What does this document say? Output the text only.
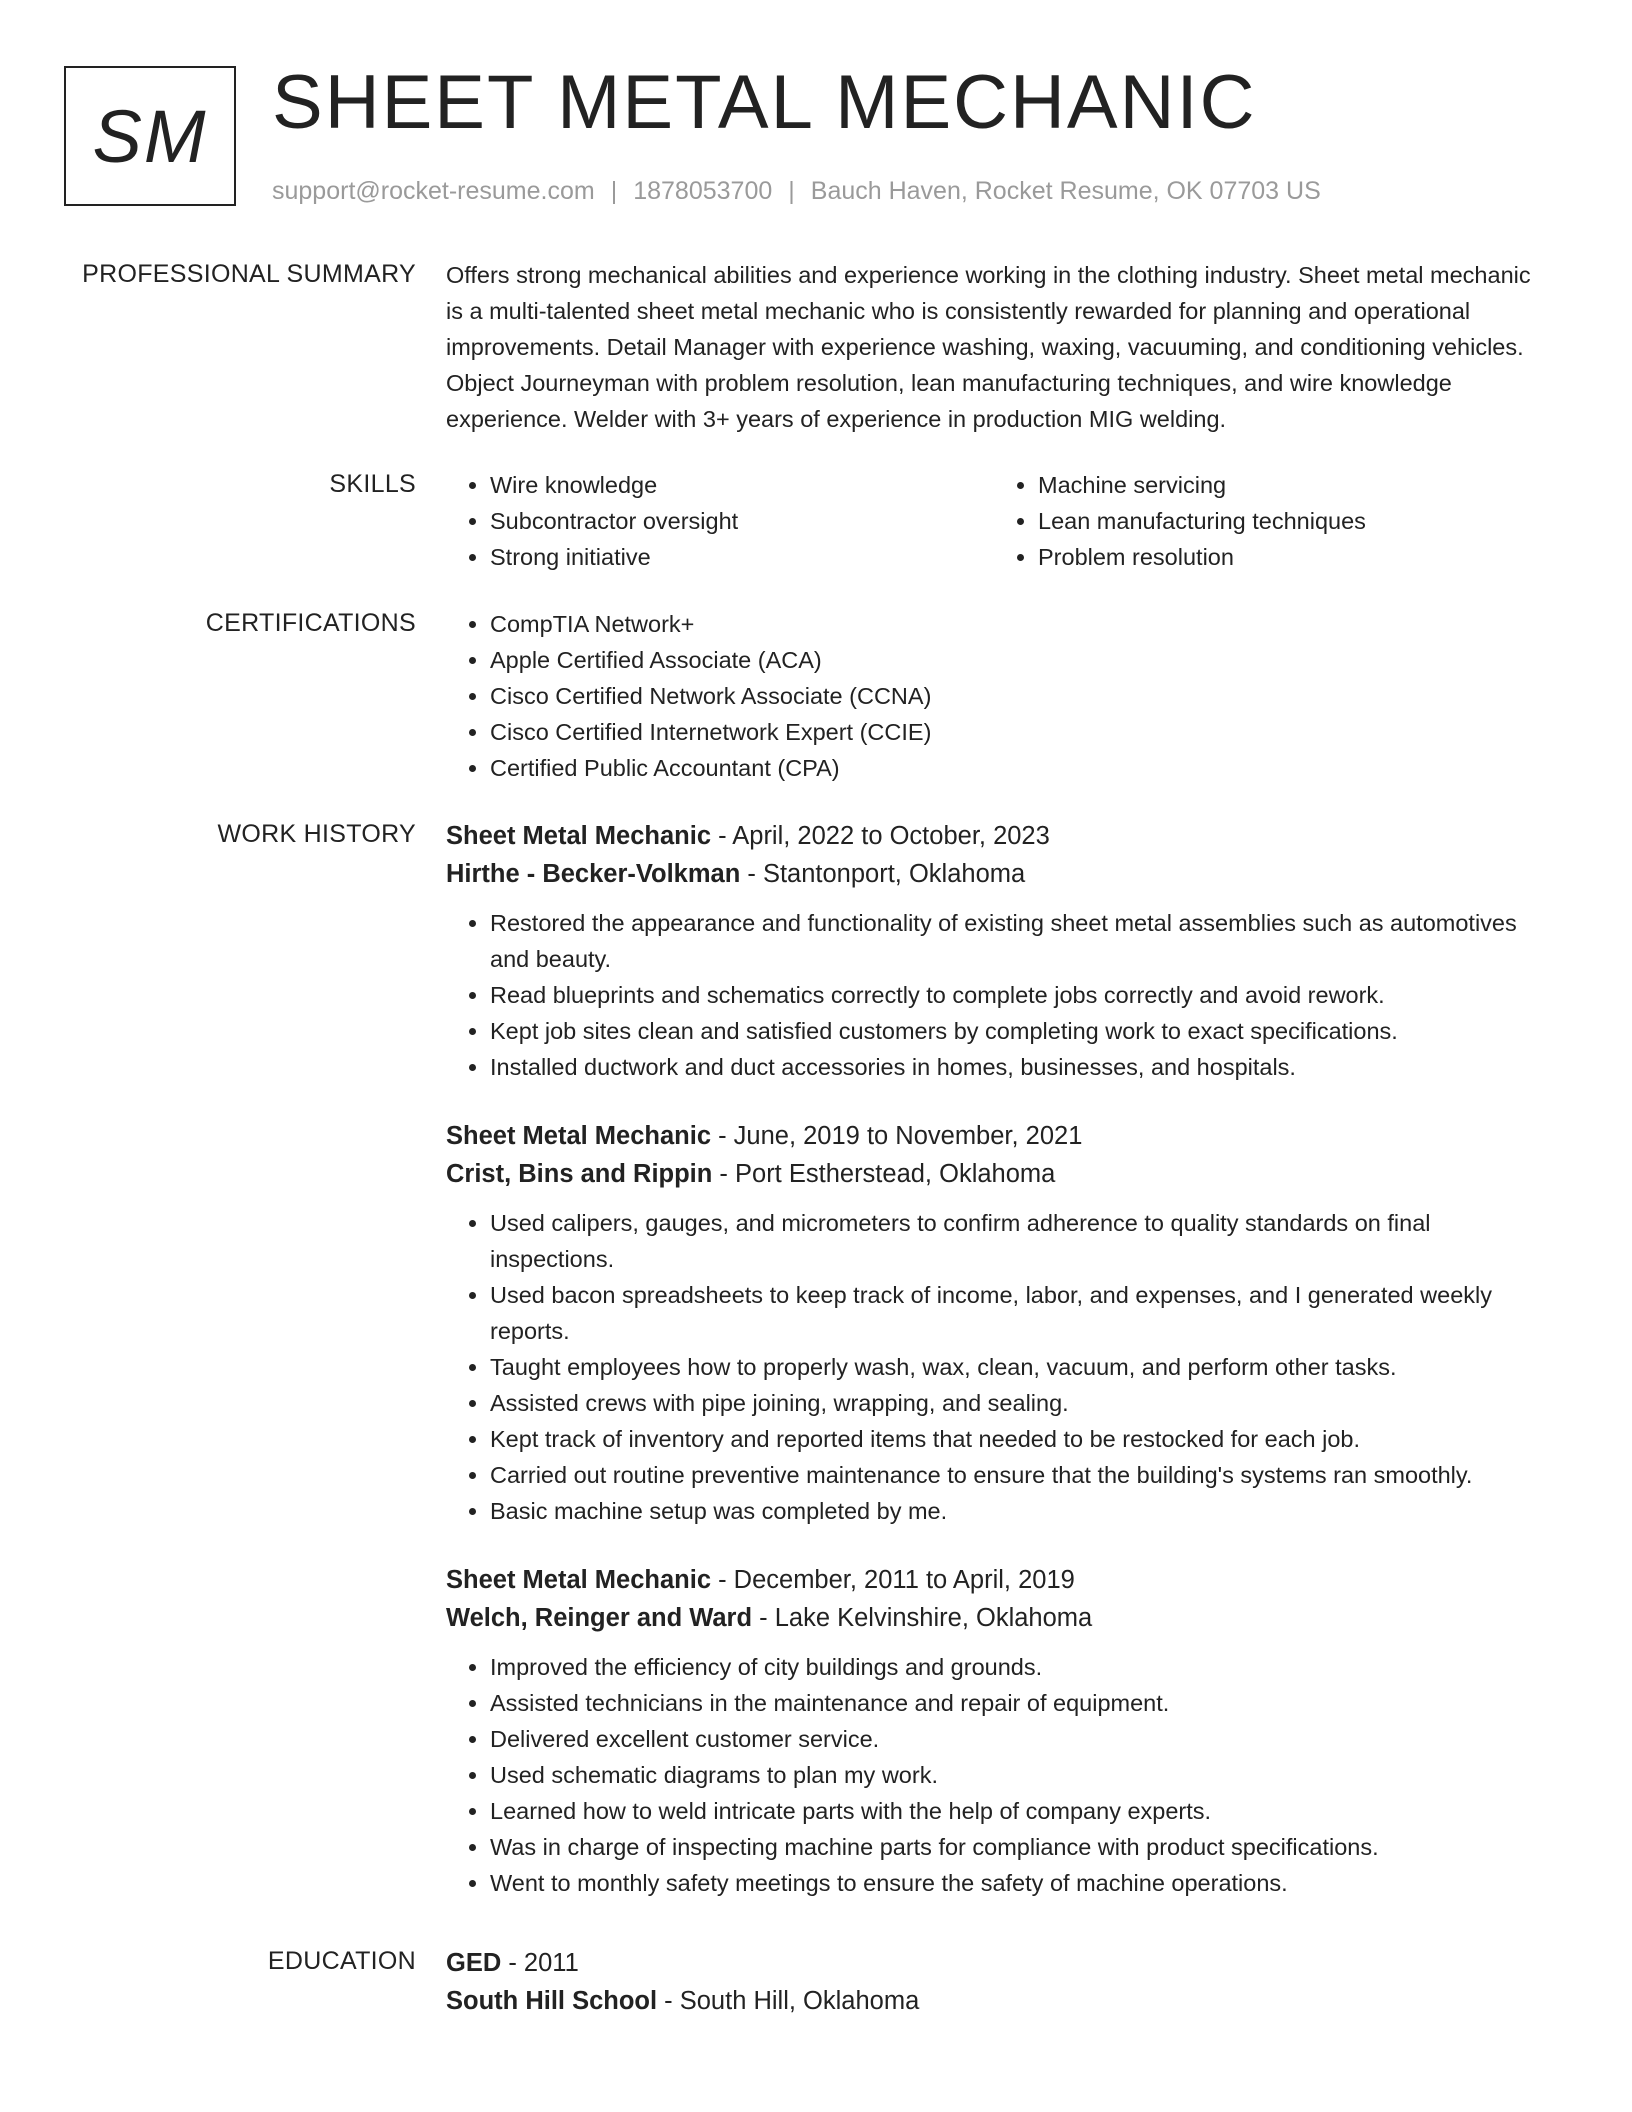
SM SHEET METAL MECHANIC
support@rocket-resume.com | 1878053700 | Bauch Haven, Rocket Resume, OK 07703 US
PROFESSIONAL SUMMARY Offers strong mechanical abilities and experience working in the clothing industry. Sheet metal mechanic is a multi-talented sheet metal mechanic who is consistently rewarded for planning and operational improvements. Detail Manager with experience washing, waxing, vacuuming, and conditioning vehicles. Object Journeyman with problem resolution, lean manufacturing techniques, and wire knowledge experience. Welder with 3+ years of experience in production MIG welding.
SKILLS	• Wire knowledge
• Subcontractor oversight
• Strong initiative
• Machine servicing
• Lean manufacturing techniques
• Problem resolution
CERTIFICATIONS	• CompTIA Network+
• Apple Certified Associate (ACA)
• Cisco Certified Network Associate (CCNA)
• Cisco Certified Internetwork Expert (CCIE)
• Certified Public Accountant (CPA)
WORK HISTORY Sheet Metal Mechanic - April, 2022 to October, 2023
Hirthe - Becker-Volkman - Stantonport, Oklahoma
• Restored the appearance and functionality of existing sheet metal assemblies such as automotives and beauty.
• Read blueprints and schematics correctly to complete jobs correctly and avoid rework.
• Kept job sites clean and satisfied customers by completing work to exact specifications.
• Installed ductwork and duct accessories in homes, businesses, and hospitals.
Sheet Metal Mechanic - June, 2019 to November, 2021
Crist, Bins and Rippin - Port Estherstead, Oklahoma
• Used calipers, gauges, and micrometers to confirm adherence to quality standards on final inspections.
• Used bacon spreadsheets to keep track of income, labor, and expenses, and I generated weekly reports.
• Taught employees how to properly wash, wax, clean, vacuum, and perform other tasks.
• Assisted crews with pipe joining, wrapping, and sealing.
• Kept track of inventory and reported items that needed to be restocked for each job.
• Carried out routine preventive maintenance to ensure that the building's systems ran smoothly.
• Basic machine setup was completed by me.
Sheet Metal Mechanic - December, 2011 to April, 2019
Welch, Reinger and Ward - Lake Kelvinshire, Oklahoma
• Improved the efficiency of city buildings and grounds.
• Assisted technicians in the maintenance and repair of equipment.
• Delivered excellent customer service.
• Used schematic diagrams to plan my work.
• Learned how to weld intricate parts with the help of company experts.
• Was in charge of inspecting machine parts for compliance with product specifications.
• Went to monthly safety meetings to ensure the safety of machine operations.
EDUCATION GED - 2011
South Hill School - South Hill, Oklahoma
